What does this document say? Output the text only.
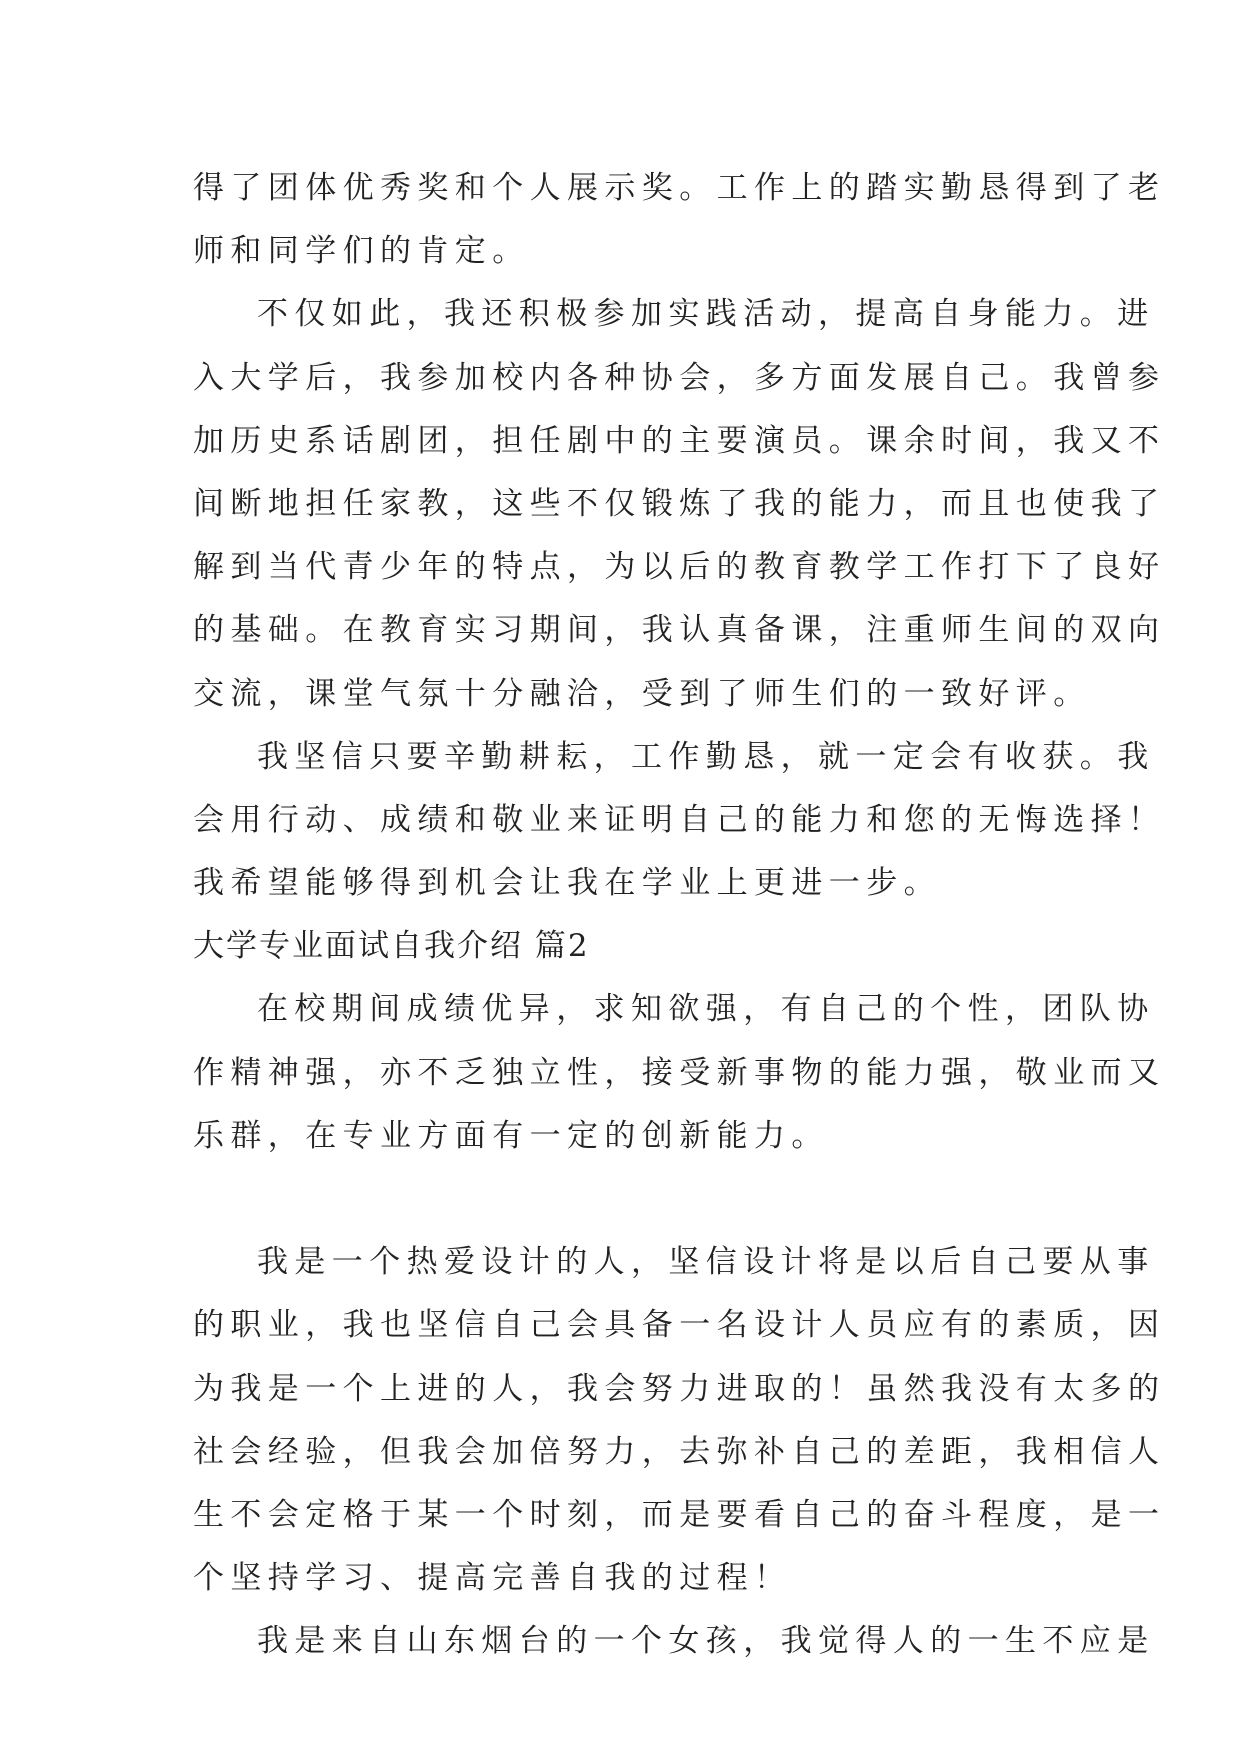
得了团体优秀奖和个人展示奖。工作上的踏实勤恳得到了老
师和同学们的肯定。
不仅如此，我还积极参加实践活动，提高自身能力。进
入大学后，我参加校内各种协会，多方面发展自己。我曾参
加历史系话剧团，担任剧中的主要演员。课余时间，我又不
间断地担任家教，这些不仅锻炼了我的能力，而且也使我了
解到当代青少年的特点，为以后的教育教学工作打下了良好
的基础。在教育实习期间，我认真备课，注重师生间的双向
交流，课堂气氛十分融洽，受到了师生们的一致好评。
我坚信只要辛勤耕耘，工作勤恳，就一定会有收获。我
会用行动、成绩和敬业来证明自己的能力和您的无悔选择！
我希望能够得到机会让我在学业上更进一步。
大学专业面试自我介绍 篇2
在校期间成绩优异，求知欲强，有自己的个性，团队协
作精神强，亦不乏独立性，接受新事物的能力强，敬业而又
乐群，在专业方面有一定的创新能力。
我是一个热爱设计的人，坚信设计将是以后自己要从事
的职业，我也坚信自己会具备一名设计人员应有的素质，因
为我是一个上进的人，我会努力进取的！虽然我没有太多的
社会经验，但我会加倍努力，去弥补自己的差距，我相信人
生不会定格于某一个时刻，而是要看自己的奋斗程度，是一
个坚持学习、提高完善自我的过程！
我是来自山东烟台的一个女孩，我觉得人的一生不应是
